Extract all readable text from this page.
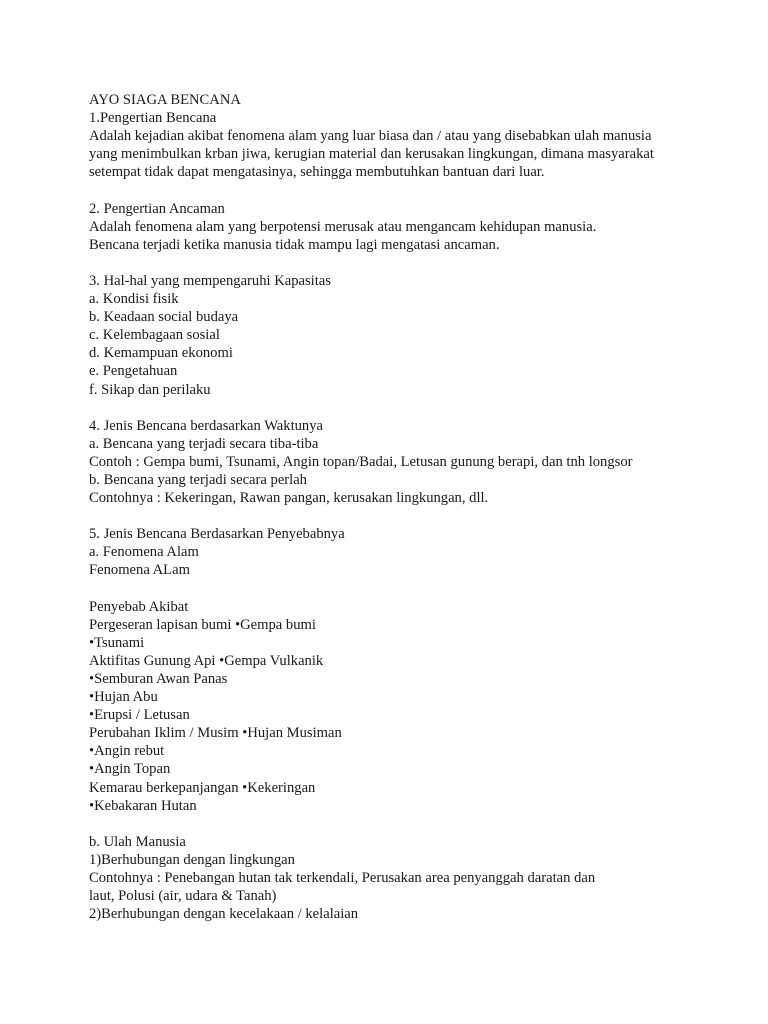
AYO SIAGA BENCANA
1.Pengertian Bencana
Adalah kejadian akibat fenomena alam yang luar biasa dan / atau yang disebabkan ulah manusia
yang menimbulkan krban jiwa, kerugian material dan kerusakan lingkungan, dimana masyarakat
setempat tidak dapat mengatasinya, sehingga membutuhkan bantuan dari luar.
2. Pengertian Ancaman
Adalah fenomena alam yang berpotensi merusak atau mengancam kehidupan manusia.
Bencana terjadi ketika manusia tidak mampu lagi mengatasi ancaman.
3. Hal-hal yang mempengaruhi Kapasitas
a. Kondisi fisik
b. Keadaan social budaya
c. Kelembagaan sosial
d. Kemampuan ekonomi
e. Pengetahuan
f. Sikap dan perilaku
4. Jenis Bencana berdasarkan Waktunya
a. Bencana yang terjadi secara tiba-tiba
Contoh : Gempa bumi, Tsunami, Angin topan/Badai, Letusan gunung berapi, dan tnh longsor
b. Bencana yang terjadi secara perlah
Contohnya : Kekeringan, Rawan pangan, kerusakan lingkungan, dll.
5. Jenis Bencana Berdasarkan Penyebabnya
a. Fenomena Alam
Fenomena ALam
Penyebab Akibat
Pergeseran lapisan bumi •Gempa bumi
•Tsunami
Aktifitas Gunung Api •Gempa Vulkanik
•Semburan Awan Panas
•Hujan Abu
•Erupsi / Letusan
Perubahan Iklim / Musim •Hujan Musiman
•Angin rebut
•Angin Topan
Kemarau berkepanjangan •Kekeringan
•Kebakaran Hutan
b. Ulah Manusia
1)Berhubungan dengan lingkungan
Contohnya : Penebangan hutan tak terkendali, Perusakan area penyanggah daratan dan
laut, Polusi (air, udara & Tanah)
2)Berhubungan dengan kecelakaan / kelalaian
